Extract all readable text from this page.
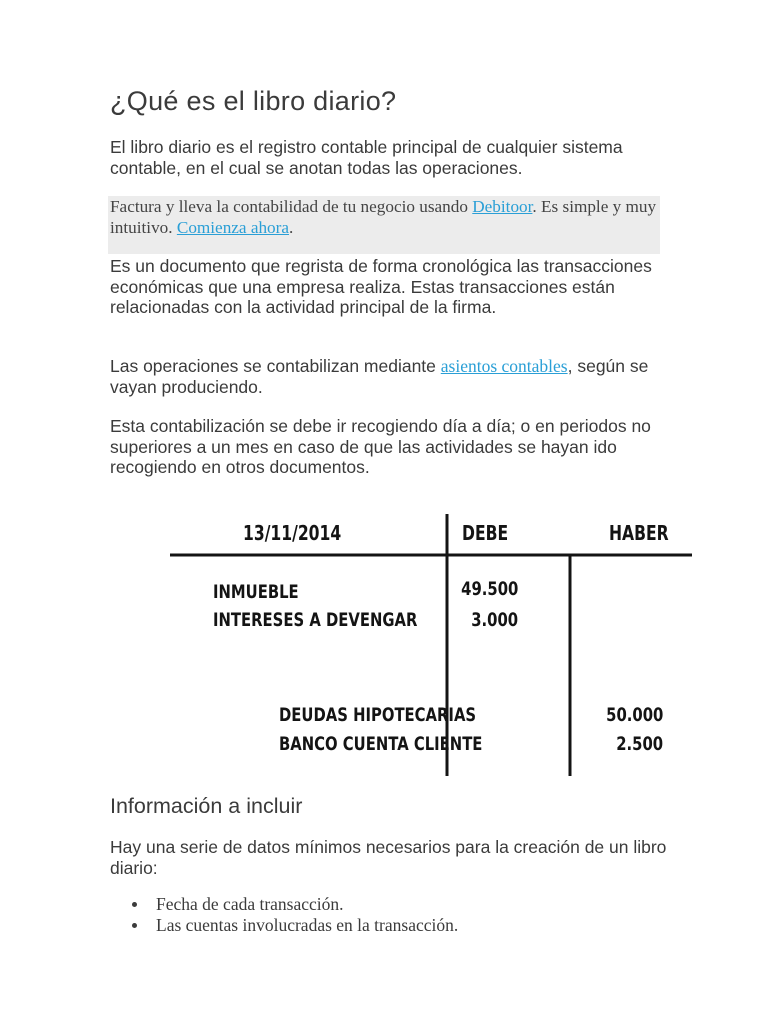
¿Qué es el libro diario?

El libro diario es el registro contable principal de cualquier sistema contable, en el cual se anotan todas las operaciones.

Factura y lleva la contabilidad de tu negocio usando Debitoor. Es simple y muy intuitivo. Comienza ahora.

Es un documento que regrista de forma cronológica las transacciones económicas que una empresa realiza. Estas transacciones están relacionadas con la actividad principal de la firma.

Las operaciones se contabilizan mediante asientos contables, según se vayan produciendo.

Esta contabilización se debe ir recogiendo día a día; o en periodos no superiores a un mes en caso de que las actividades se hayan ido recogiendo en otros documentos.

13/11/2014	DEBE	HABER
INMUEBLE
INTERESES A DEVENGAR
49.500
3.000
DEUDAS HIPOTECARIAS
BANCO CUENTA CLIENTE
50.000
2.500
Información a incluir

Hay una serie de datos mínimos necesarios para la creación de un libro diario:

Fecha de cada transacción.
Las cuentas involucradas en la transacción.
